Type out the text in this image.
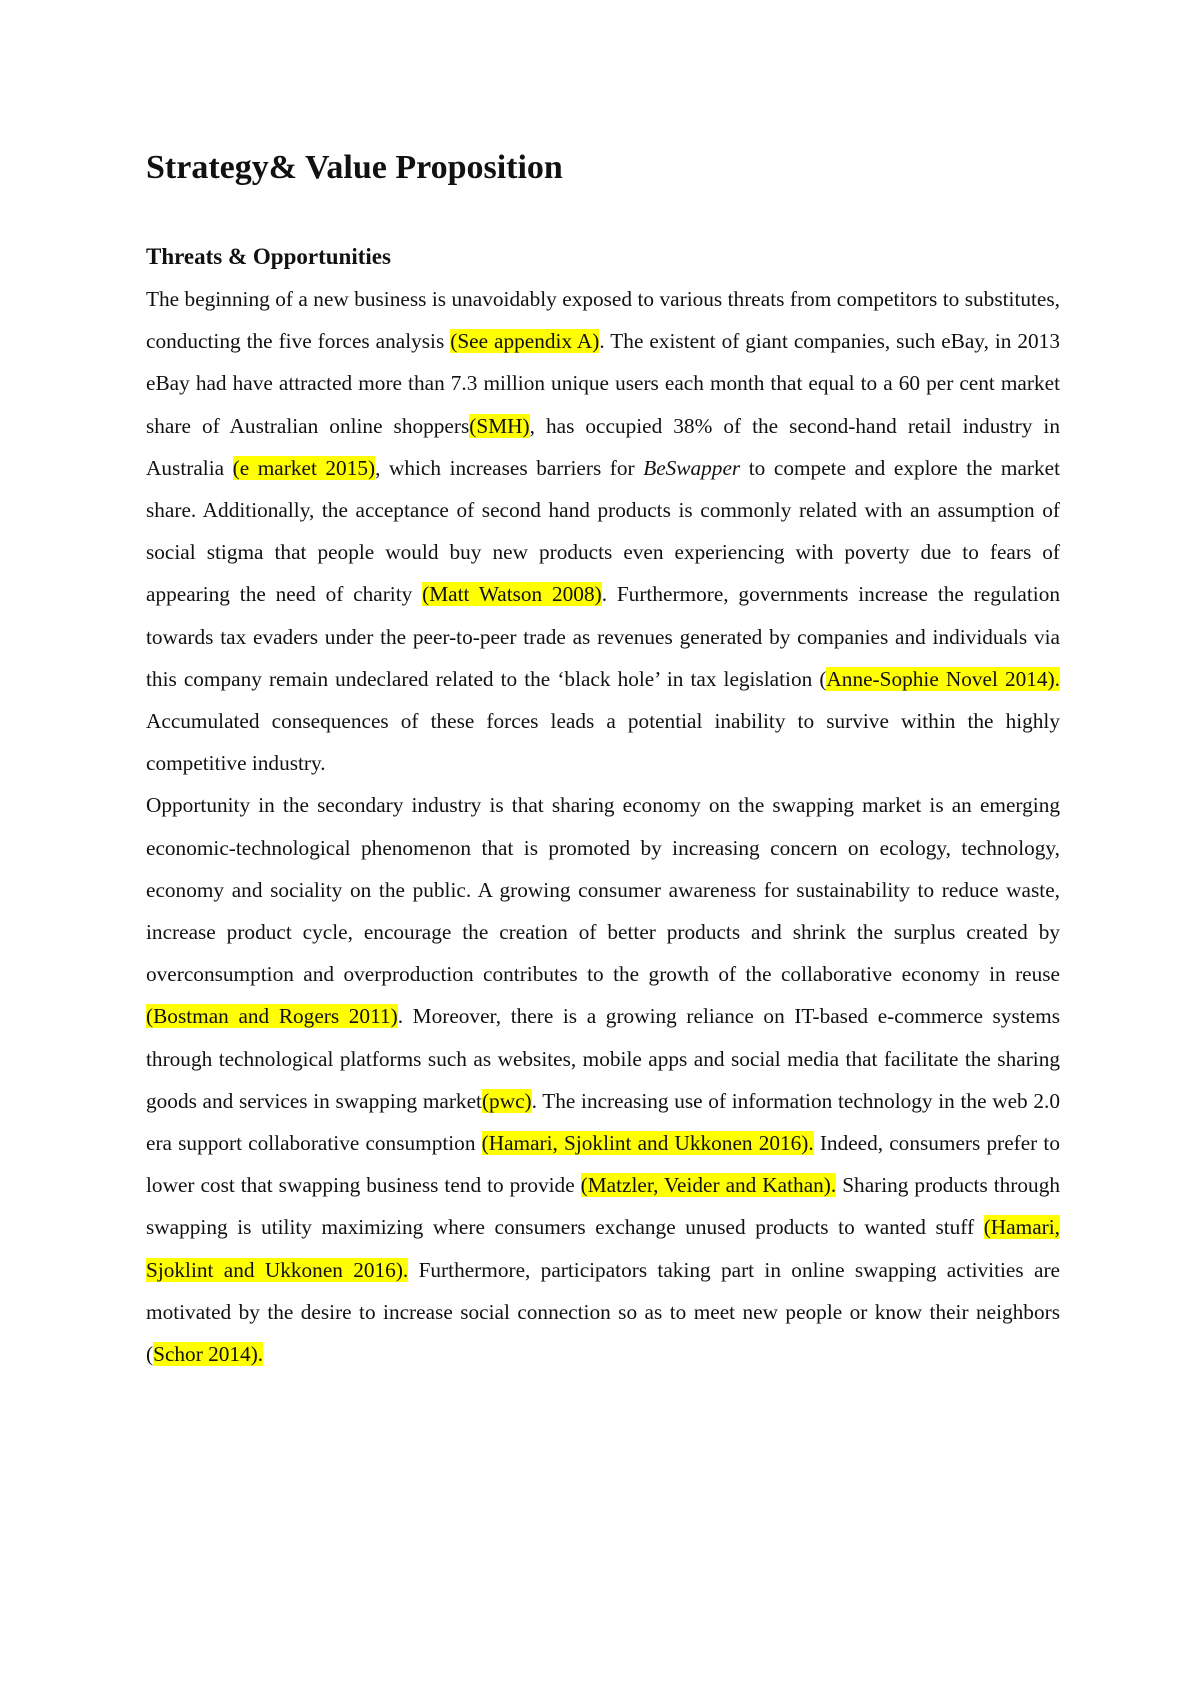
Strategy& Value Proposition
Threats & Opportunities

The beginning of a new business is unavoidably exposed to various threats from competitors to substitutes, conducting the five forces analysis (See appendix A). The existent of giant companies, such eBay, in 2013 eBay had have attracted more than 7.3 million unique users each month that equal to a 60 per cent market share of Australian online shoppers(SMH), has occupied 38% of the second-hand retail industry in Australia (e market 2015), which increases barriers for BeSwapper to compete and explore the market share. Additionally, the acceptance of second hand products is commonly related with an assumption of social stigma that people would buy new products even experiencing with poverty due to fears of appearing the need of charity (Matt Watson 2008). Furthermore, governments increase the regulation towards tax evaders under the peer-to-peer trade as revenues generated by companies and individuals via this company remain undeclared related to the ‘black hole’ in tax legislation (Anne-Sophie Novel 2014). Accumulated consequences of these forces leads a potential inability to survive within the highly competitive industry.

Opportunity in the secondary industry is that sharing economy on the swapping market is an emerging economic-technological phenomenon that is promoted by increasing concern on ecology, technology, economy and sociality on the public. A growing consumer awareness for sustainability to reduce waste, increase product cycle, encourage the creation of better products and shrink the surplus created by overconsumption and overproduction contributes to the growth of the collaborative economy in reuse (Bostman and Rogers 2011). Moreover, there is a growing reliance on IT-based e-commerce systems through technological platforms such as websites, mobile apps and social media that facilitate the sharing goods and services in swapping market(pwc). The increasing use of information technology in the web 2.0 era support collaborative consumption (Hamari, Sjoklint and Ukkonen 2016). Indeed, consumers prefer to lower cost that swapping business tend to provide (Matzler, Veider and Kathan). Sharing products through swapping is utility maximizing where consumers exchange unused products to wanted stuff (Hamari, Sjoklint and Ukkonen 2016). Furthermore, participators taking part in online swapping activities are motivated by the desire to increase social connection so as to meet new people or know their neighbors (Schor 2014).
